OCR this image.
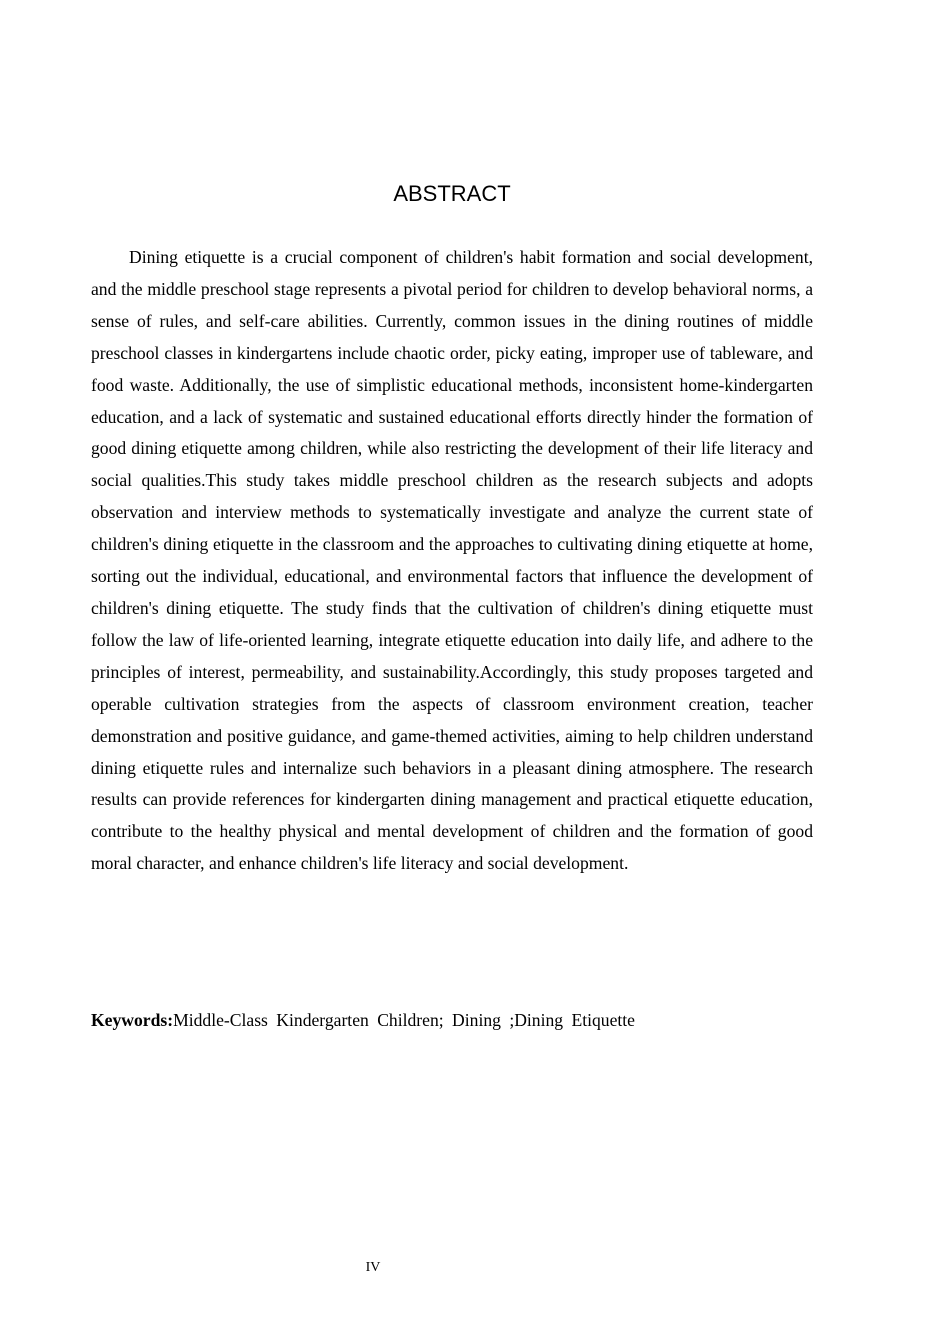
ABSTRACT

Dining etiquette is a crucial component of children's habit formation and social development, and the middle preschool stage represents a pivotal period for children to develop behavioral norms, a sense of rules, and self-care abilities. Currently, common issues in the dining routines of middle preschool classes in kindergartens include chaotic order, picky eating, improper use of tableware, and food waste. Additionally, the use of simplistic educational methods, inconsistent home-kindergarten education, and a lack of systematic and sustained educational efforts directly hinder the formation of good dining etiquette among children, while also restricting the development of their life literacy and social qualities.This study takes middle preschool children as the research subjects and adopts observation and interview methods to systematically investigate and analyze the current state of children's dining etiquette in the classroom and the approaches to cultivating dining etiquette at home, sorting out the individual, educational, and environmental factors that influence the development of children's dining etiquette. The study finds that the cultivation of children's dining etiquette must follow the law of life-oriented learning, integrate etiquette education into daily life, and adhere to the principles of interest, permeability, and sustainability.Accordingly, this study proposes targeted and operable cultivation strategies from the aspects of classroom environment creation, teacher demonstration and positive guidance, and game-themed activities, aiming to help children understand dining etiquette rules and internalize such behaviors in a pleasant dining atmosphere. The research results can provide references for kindergarten dining management and practical etiquette education, contribute to the healthy physical and mental development of children and the formation of good moral character, and enhance children's life literacy and social development.

Keywords:Middle-Class Kindergarten Children; Dining ;Dining Etiquette

IV
